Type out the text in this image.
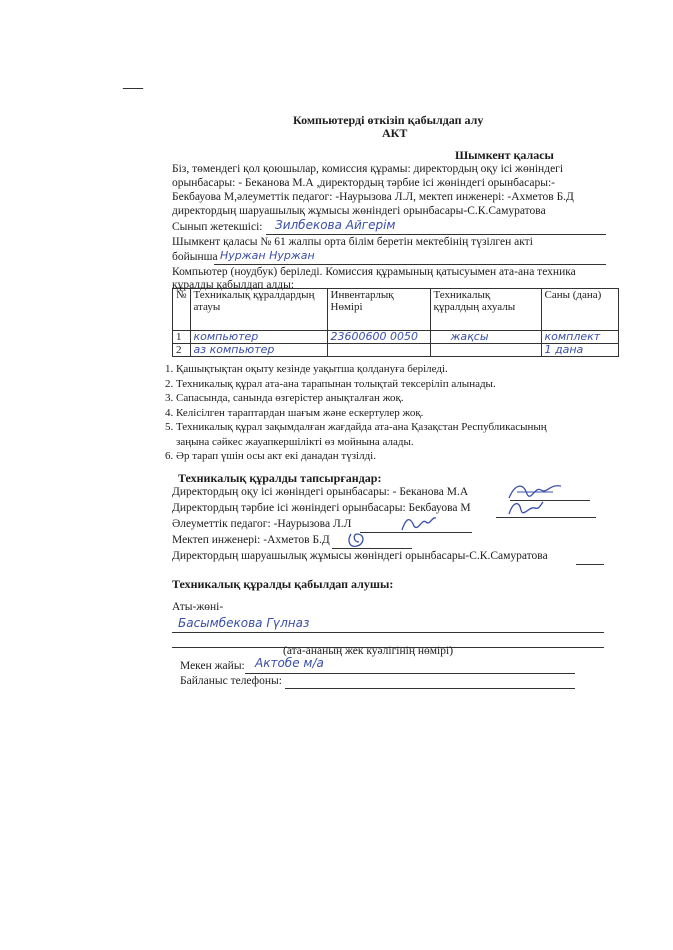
—
Компьютерді өткізіп қабылдап алу
АКТ
Шымкент қаласы
Біз, төмендегі қол қоюшылар, комиссия құрамы: директордың оқу ісі жөніндегі
орынбасары: - Беканова М.А ,директордың тәрбие ісі жөніндегі орынбасары:-
Бекбауова М,әлеуметтік педагог: -Наурызова Л.Л, мектеп инженері: -Ахметов Б.Д
директордың шаруашылық жұмысы жөніндегі орынбасары-С.К.Самуратова
Сынып жетекшісі: Зилбекова Айгерім
Шымкент қаласы № 61 жалпы орта білім беретін мектебінің түзілген акті
бойынша Нуржан Нуржан
Компьютер (ноудбук) беріледі. Комиссия құрамының қатысуымен ата-ана техника
құралды қабылдап алды:
№	Техникалық құралдардың атауы	Инвентарлық Нөмірі	Техникалық құралдың ахуалы	Саны (дана)
1	компьютер	23600600 0050	жақсы	комплект
2	аз компьютер			1 дана
1. Қашықтықтан оқыту кезінде уақытша қолдануға беріледі.
2. Техникалық құрал ата-ана тарапынан толықтай тексеріліп алынады.
3. Сапасында, санында өзгерістер анықталған жоқ.
4. Келісілген тараптардан шағым және ескертулер жоқ.
5. Техникалық құрал зақымдалған жағдайда ата-ана Қазақстан Республикасының
заңына сәйкес жауапкершілікті өз мойнына алады.
6. Әр тарап үшін осы акт екі данадан түзілді.
Техникалық құралды тапсырғандар:
Директордың оқу ісі жөніндегі орынбасары: - Беканова М.А
Директордың тәрбие ісі жөніндегі орынбасары: Бекбауова М
Әлеуметтік педагог: -Наурызова Л.Л
Мектеп инженері: -Ахметов Б.Д
Директордың шаруашылық жұмысы жөніндегі орынбасары-С.К.Самуратова
Техникалық құралды қабылдап алушы:
Аты-жөні-
Басымбекова Гүлназ
(ата-ананың жек куәлігінің нөмірі)
Мекен жайы: Актобе м/а
Байланыс телефоны:
